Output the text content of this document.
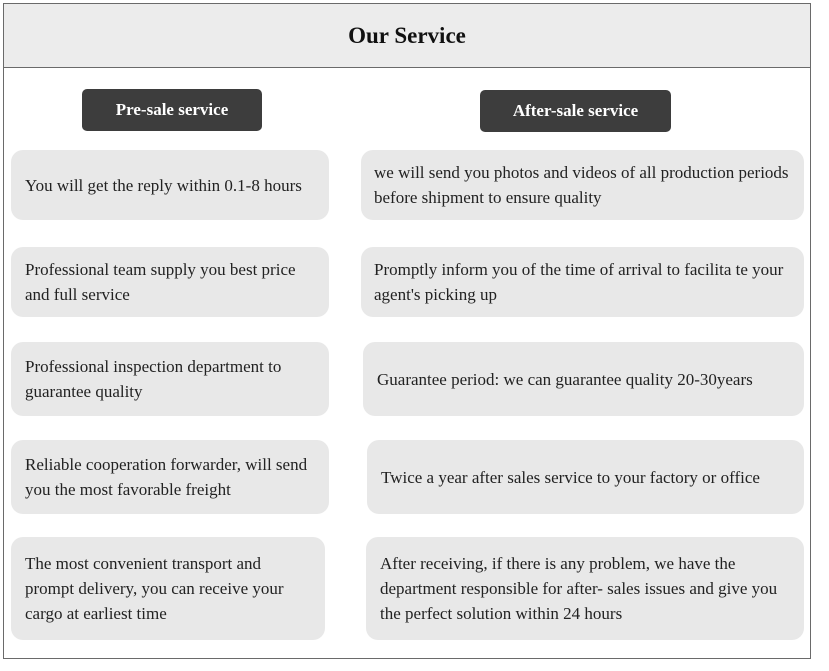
Our Service
Pre-sale service	After-sale service
You will get the reply within 0.1-8 hours
Professional team supply you best price and full service
Professional inspection department to guarantee quality
Reliable cooperation forwarder, will send you the most favorable freight
The most convenient transport and prompt delivery, you can receive your cargo at earliest time
we will send you photos and videos of all production periods before shipment to ensure quality
Promptly inform you of the time of arrival to facilita te your agent's picking up
Guarantee period: we can guarantee quality 20-30years
Twice a year after sales service to your factory or office
After receiving, if there is any problem, we have the department responsible for after- sales issues and give you the perfect solution within 24 hours
